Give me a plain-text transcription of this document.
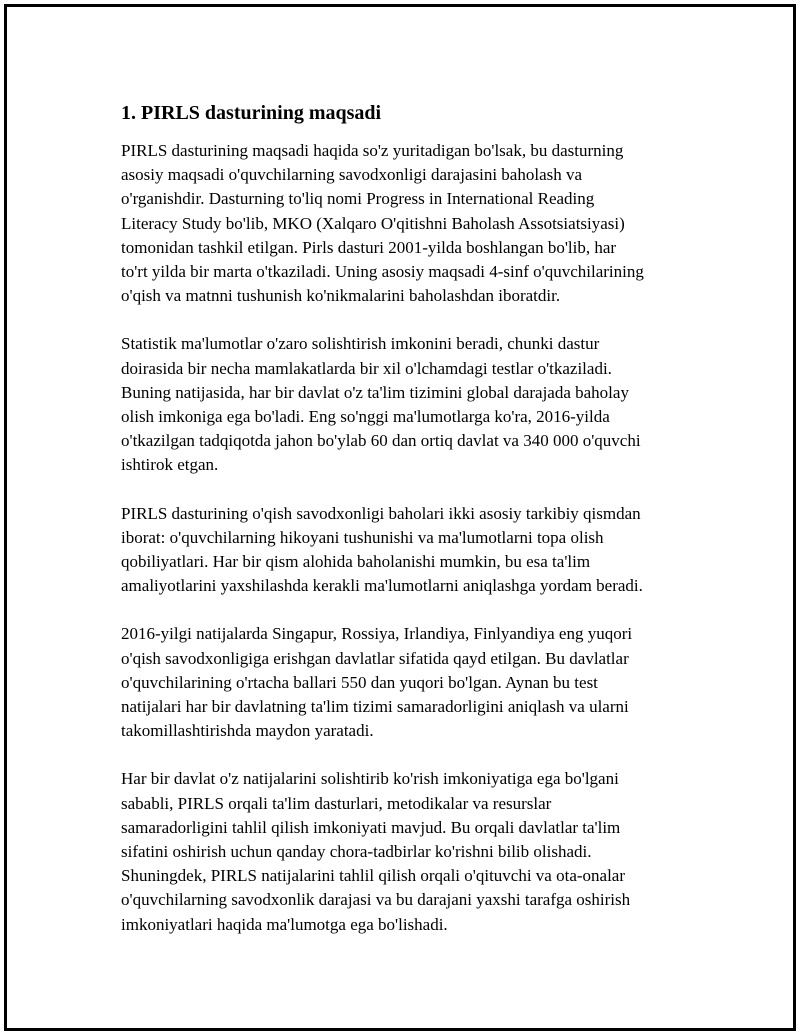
1. PIRLS dasturining maqsadi

PIRLS dasturining maqsadi haqida so'z yuritadigan bo'lsak, bu dasturning
asosiy maqsadi o'quvchilarning savodxonligi darajasini baholash va
o'rganishdir. Dasturning to'liq nomi Progress in International Reading
Literacy Study bo'lib, MKO (Xalqaro O'qitishni Baholash Assotsiatsiyasi)
tomonidan tashkil etilgan. Pirls dasturi 2001-yilda boshlangan bo'lib, har
to'rt yilda bir marta o'tkaziladi. Uning asosiy maqsadi 4-sinf o'quvchilarining
o'qish va matnni tushunish ko'nikmalarini baholashdan iboratdir.

Statistik ma'lumotlar o'zaro solishtirish imkonini beradi, chunki dastur
doirasida bir necha mamlakatlarda bir xil o'lchamdagi testlar o'tkaziladi.
Buning natijasida, har bir davlat o'z ta'lim tizimini global darajada baholay
olish imkoniga ega bo'ladi. Eng so'nggi ma'lumotlarga ko'ra, 2016-yilda
o'tkazilgan tadqiqotda jahon bo'ylab 60 dan ortiq davlat va 340 000 o'quvchi
ishtirok etgan.

PIRLS dasturining o'qish savodxonligi baholari ikki asosiy tarkibiy qismdan
iborat: o'quvchilarning hikoyani tushunishi va ma'lumotlarni topa olish
qobiliyatlari. Har bir qism alohida baholanishi mumkin, bu esa ta'lim
amaliyotlarini yaxshilashda kerakli ma'lumotlarni aniqlashga yordam beradi.

2016-yilgi natijalarda Singapur, Rossiya, Irlandiya, Finlyandiya eng yuqori
o'qish savodxonligiga erishgan davlatlar sifatida qayd etilgan. Bu davlatlar
o'quvchilarining o'rtacha ballari 550 dan yuqori bo'lgan. Aynan bu test
natijalari har bir davlatning ta'lim tizimi samaradorligini aniqlash va ularni
takomillashtirishda maydon yaratadi.

Har bir davlat o'z natijalarini solishtirib ko'rish imkoniyatiga ega bo'lgani
sababli, PIRLS orqali ta'lim dasturlari, metodikalar va resurslar
samaradorligini tahlil qilish imkoniyati mavjud. Bu orqali davlatlar ta'lim
sifatini oshirish uchun qanday chora-tadbirlar ko'rishni bilib olishadi.
Shuningdek, PIRLS natijalarini tahlil qilish orqali o'qituvchi va ota-onalar
o'quvchilarning savodxonlik darajasi va bu darajani yaxshi tarafga oshirish
imkoniyatlari haqida ma'lumotga ega bo'lishadi.
